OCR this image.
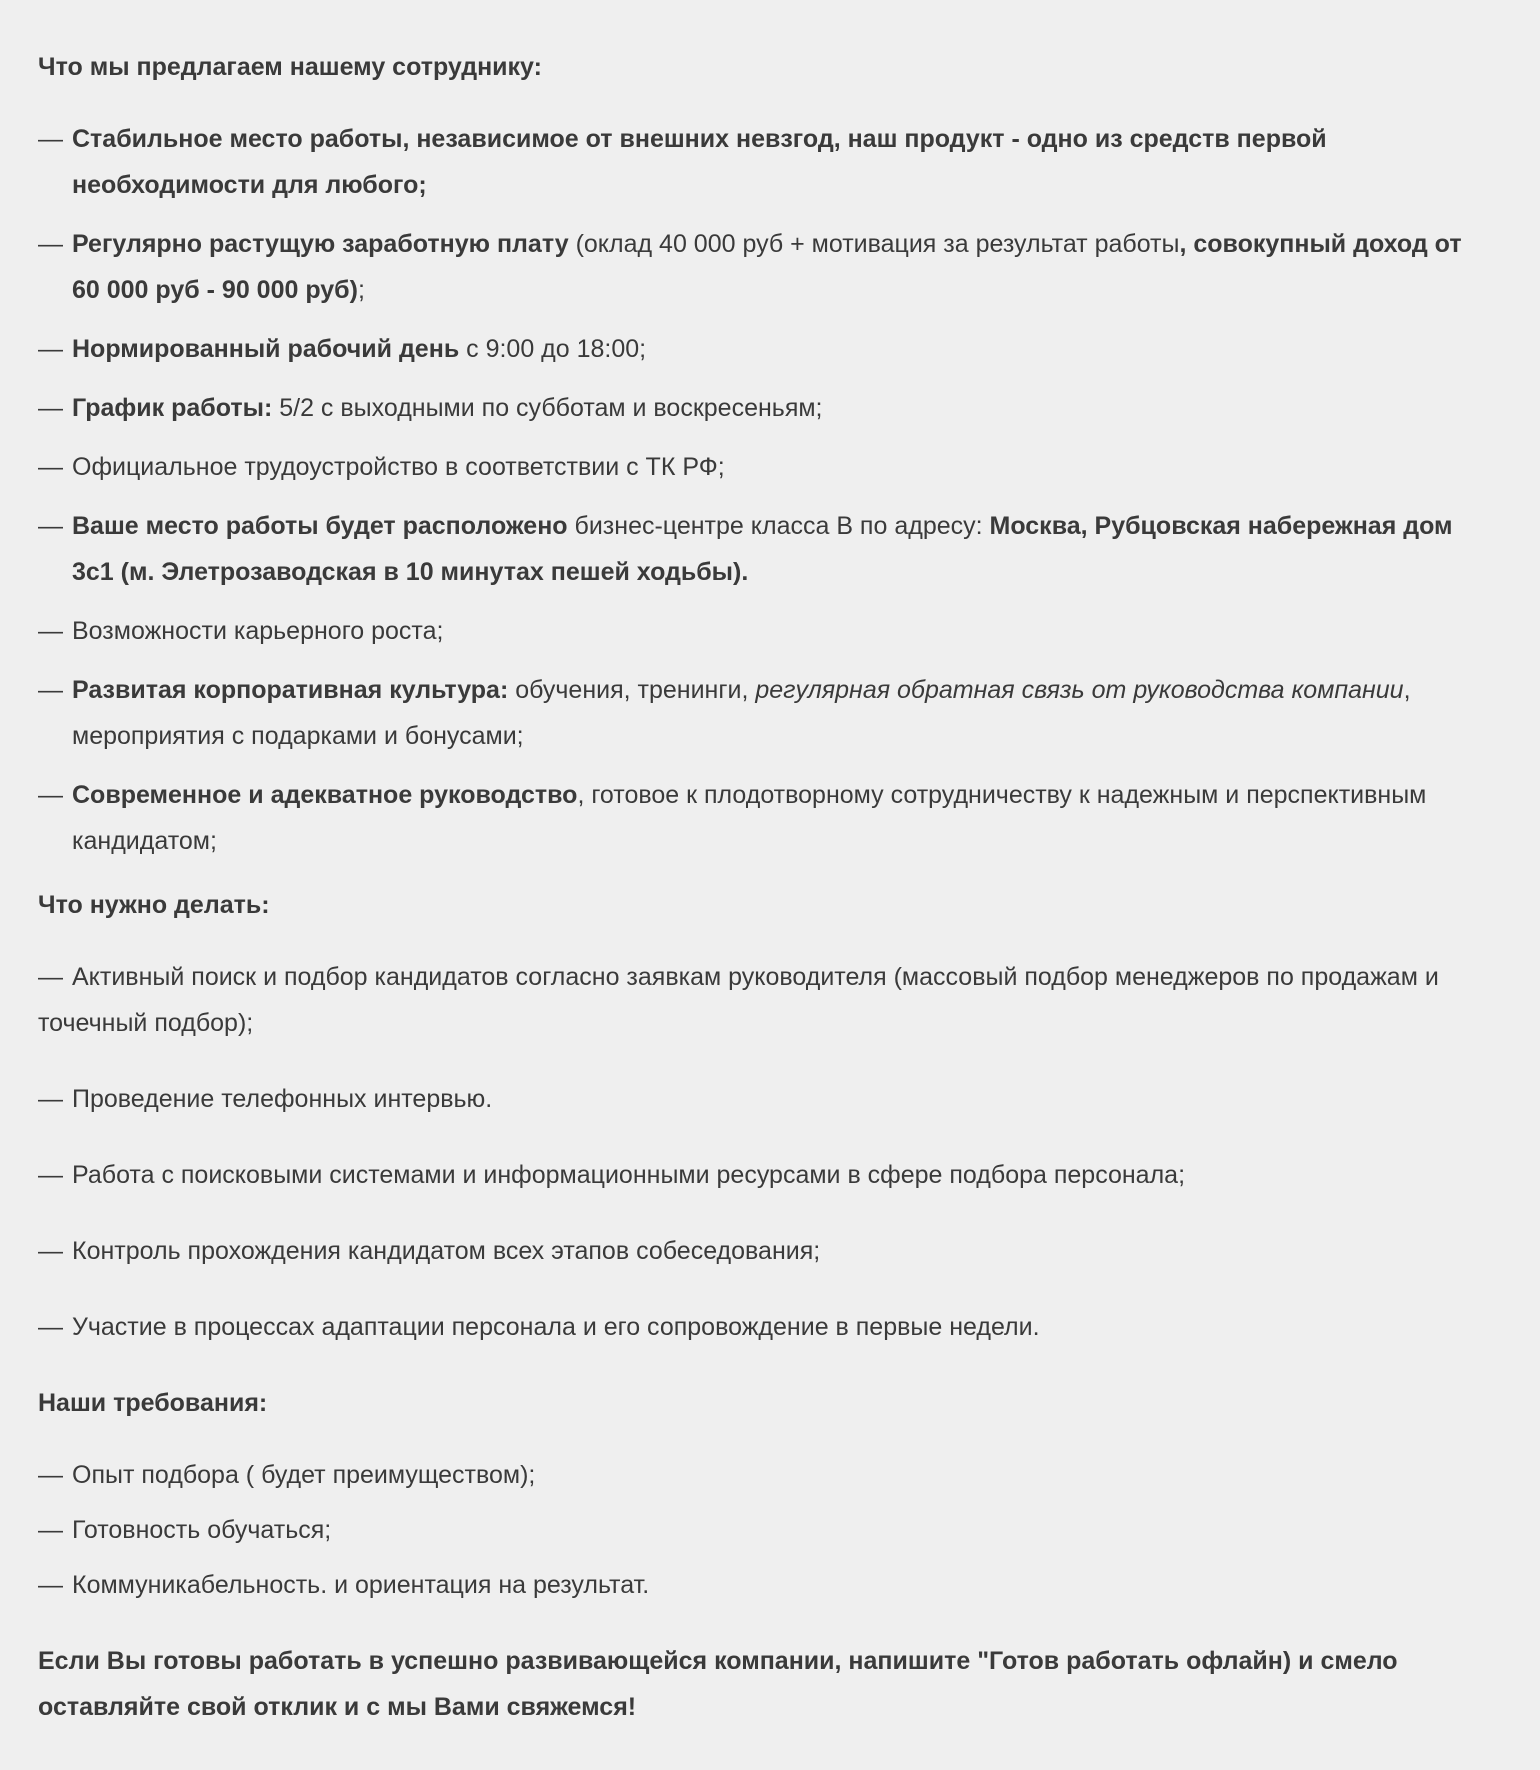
Что мы предлагаем нашему сотруднику:
— Стабильное место работы, независимое от внешних невзгод, наш продукт - одно из средств первой необходимости для любого;
— Регулярно растущую заработную плату (оклад 40 000 руб + мотивация за результат работы, совокупный доход от 60 000 руб - 90 000 руб);
— Нормированный рабочий день с 9:00 до 18:00;
— График работы: 5/2 с выходными по субботам и воскресеньям;
— Официальное трудоустройство в соответствии с ТК РФ;
— Ваше место работы будет расположено бизнес-центре класса В по адресу: Москва, Рубцовская набережная дом 3с1 (м. Элетрозаводская в 10 минутах пешей ходьбы).
— Возможности карьерного роста;
— Развитая корпоративная культура: обучения, тренинги, регулярная обратная связь от руководства компании, мероприятия с подарками и бонусами;
— Современное и адекватное руководство, готовое к плодотворному сотрудничеству к надежным и перспективным кандидатом;
Что нужно делать:

— Активный поиск и подбор кандидатов согласно заявкам руководителя (массовый подбор менеджеров по продажам и точечный подбор);

— Проведение телефонных интервью.

— Работа с поисковыми системами и информационными ресурсами в сфере подбора персонала;

— Контроль прохождения кандидатом всех этапов собеседования;

— Участие в процессах адаптации персонала и его сопровождение в первые недели.

Наши требования:
— Опыт подбора ( будет преимуществом);
— Готовность обучаться;
— Коммуникабельность. и ориентация на результат.

Если Вы готовы работать в успешно развивающейся компании, напишите "Готов работать офлайн) и смело оставляйте свой отклик и с мы Вами свяжемся!
